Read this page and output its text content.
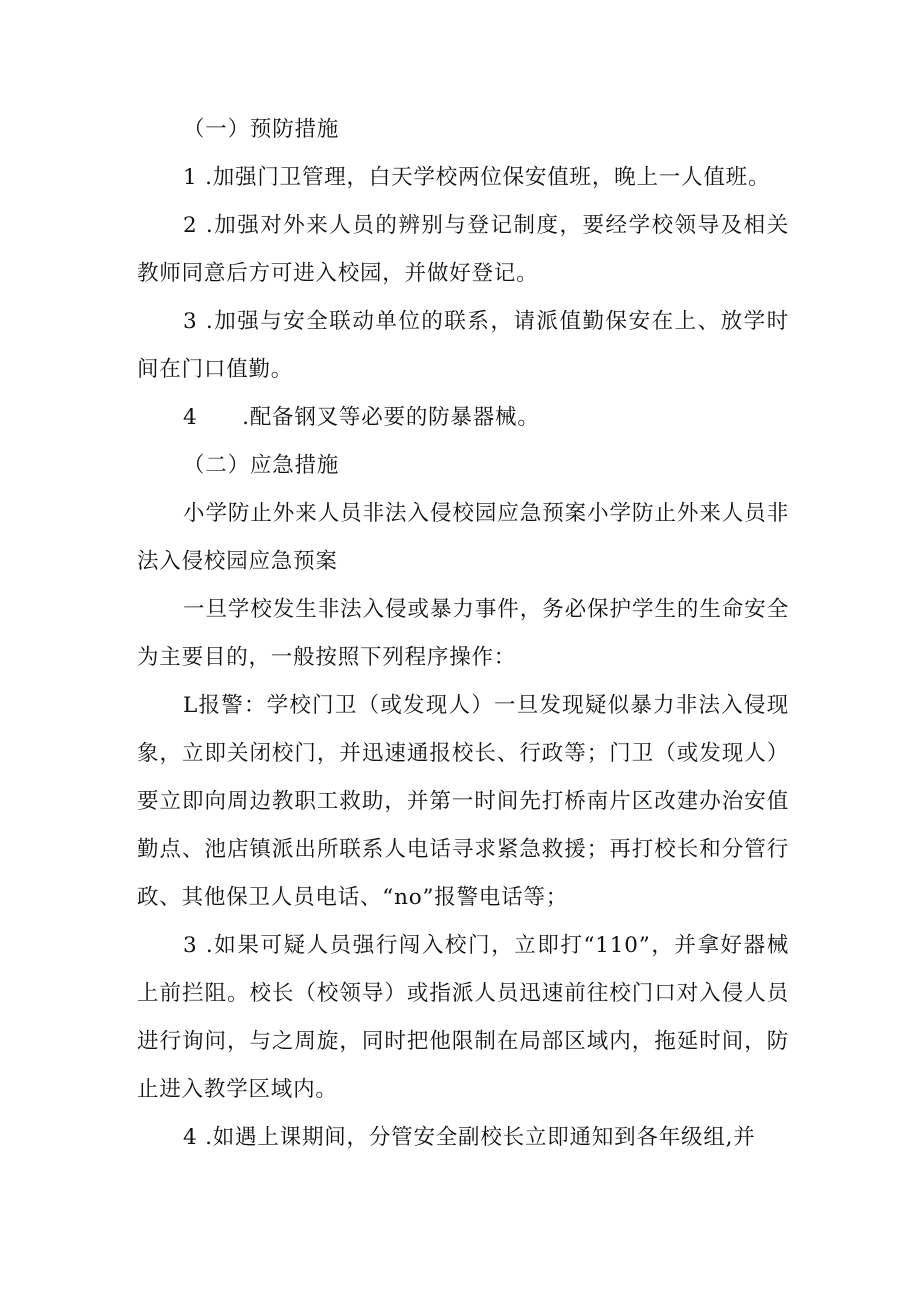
（一）预防措施

1 .加强门卫管理，白天学校两位保安值班，晚上一人值班。

2 .加强对外来人员的辨别与登记制度，要经学校领导及相关教师同意后方可进入校园，并做好登记。

3 .加强与安全联动单位的联系，请派值勤保安在上、放学时间在门口值勤。

4　　.配备钢叉等必要的防暴器械。

（二）应急措施

小学防止外来人员非法入侵校园应急预案小学防止外来人员非法入侵校园应急预案

一旦学校发生非法入侵或暴力事件，务必保护学生的生命安全为主要目的，一般按照下列程序操作：

L报警：学校门卫（或发现人）一旦发现疑似暴力非法入侵现象，立即关闭校门，并迅速通报校长、行政等；门卫（或发现人）要立即向周边教职工救助，并第一时间先打桥南片区改建办治安值勤点、池店镇派出所联系人电话寻求紧急救援；再打校长和分管行政、其他保卫人员电话、“no”报警电话等；

3 .如果可疑人员强行闯入校门，立即打“110”，并拿好器械上前拦阻。校长（校领导）或指派人员迅速前往校门口对入侵人员进行询问，与之周旋，同时把他限制在局部区域内，拖延时间，防止进入教学区域内。

4 .如遇上课期间，分管安全副校长立即通知到各年级组,并
